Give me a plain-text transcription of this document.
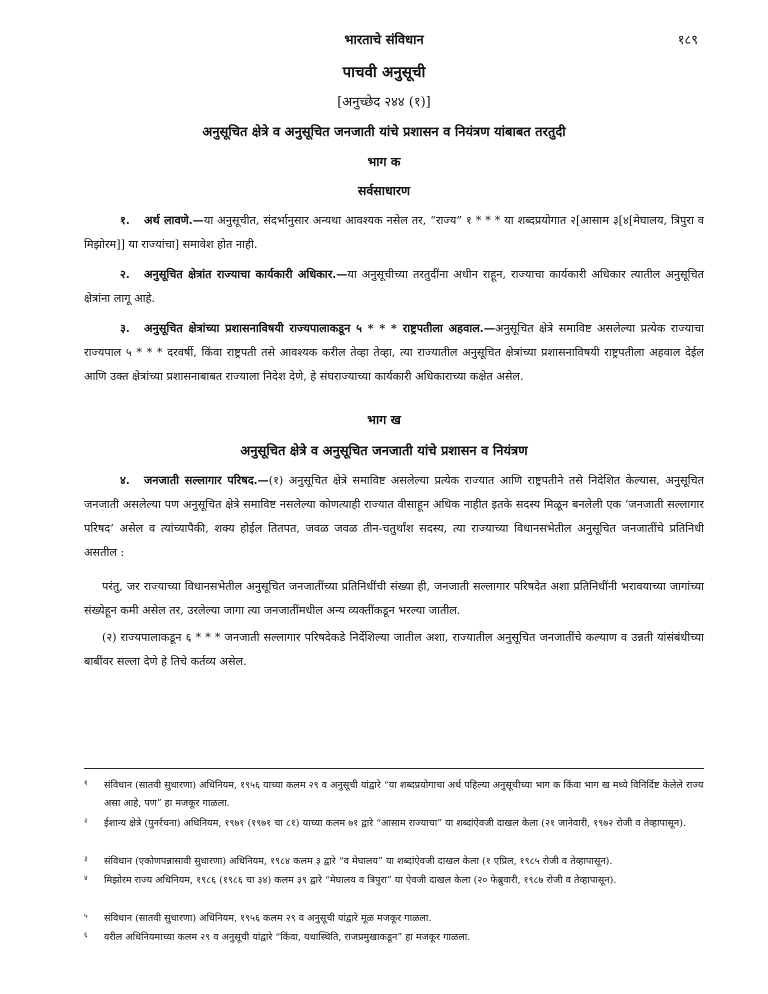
भारताचे संविधान	१८९
पाचवी अनुसूची
[अनुच्छेद २४४ (१)]
अनुसूचित क्षेत्रे व अनुसूचित जनजाती यांचे प्रशासन व नियंत्रण यांबाबत तरतुदी
भाग क
सर्वसाधारण

१. अर्थ लावणे.—या अनुसूचीत, संदर्भानुसार अन्यथा आवश्यक नसेल तर, “राज्य” १ * * * या शब्दप्रयोगात २[आसाम ३[४[मेघालय, त्रिपुरा व मिझोरम]] या राज्यांचा] समावेश होत नाही.

२. अनुसूचित क्षेत्रांत राज्याचा कार्यकारी अधिकार.—या अनुसूचीच्या तरतुदींना अधीन राहून, राज्याचा कार्यकारी अधिकार त्यातील अनुसूचित क्षेत्रांना लागू आहे.

३. अनुसूचित क्षेत्रांच्या प्रशासनाविषयी राज्यपालाकडून ५ * * * राष्ट्रपतीला अहवाल.—अनुसूचित क्षेत्रे समाविष्ट असलेल्या प्रत्येक राज्याचा राज्यपाल ५ * * * दरवर्षी, किंवा राष्ट्रपती तसे आवश्यक करील तेव्हा तेव्हा, त्या राज्यातील अनुसूचित क्षेत्रांच्या प्रशासनाविषयी राष्ट्रपतीला अहवाल देईल आणि उक्त क्षेत्रांच्या प्रशासनाबाबत राज्याला निदेश देणे, हे संघराज्याच्या कार्यकारी अधिकाराच्या कक्षेत असेल.

भाग ख
अनुसूचित क्षेत्रे व अनुसूचित जनजाती यांचे प्रशासन व नियंत्रण

४. जनजाती सल्लागार परिषद.—(१) अनुसूचित क्षेत्रे समाविष्ट असलेल्या प्रत्येक राज्यात आणि राष्ट्रपतीने तसे निदेशित केल्यास, अनुसूचित जनजाती असलेल्या पण अनुसूचित क्षेत्रे समाविष्ट नसलेल्या कोणत्याही राज्यात वीसाहून अधिक नाहीत इतके सदस्य मिळून बनलेली एक ‘जनजाती सल्लागार परिषद’ असेल व त्यांच्यापैकी, शक्य होईल तितपत, जवळ जवळ तीन-चतुर्थांश सदस्य, त्या राज्याच्या विधानसभेतील अनुसूचित जनजातींचे प्रतिनिधी असतील :

परंतु, जर राज्याच्या विधानसभेतील अनुसूचित जनजातींच्या प्रतिनिधींची संख्या ही, जनजाती सल्लागार परिषदेत अशा प्रतिनिधींनी भरावयाच्या जागांच्या संख्येहून कमी असेल तर, उरलेल्या जागा त्या जनजातींमधील अन्य व्यक्तींकडून भरल्या जातील.

(२) राज्यपालाकडून ६ * * * जनजाती सल्लागार परिषदेकडे निर्देशिल्या जातील अशा, राज्यातील अनुसूचित जनजातींचे कल्याण व उन्नती यांसंबंधीच्या बाबींवर सल्ला देणे हे तिचे कर्तव्य असेल.

१	संविधान (सातवी सुधारणा) अधिनियम, १९५६ याच्या कलम २९ व अनुसूची यांद्वारे “या शब्दप्रयोगाचा अर्थ पहिल्या अनुसूचीच्या भाग क किंवा भाग ख मध्ये विनिर्दिष्ट केलेले राज्य असा आहे, पण” हा मजकूर गाळला.

२	ईशान्य क्षेत्रे (पुनर्रचना) अधिनियम, १९७१ (१९७१ चा ८१) याच्या कलम ७१ द्वारे “आसाम राज्याचा” या शब्दांऐवजी दाखल केला (२१ जानेवारी, १९७२ रोजी व तेव्हापासून).

३	संविधान (एकोणपन्नासावी सुधारणा) अधिनियम, १९८४ कलम ३ द्वारे “व मेघालय” या शब्दांऐवजी दाखल केला (१ एप्रिल, १९८५ रोजी व तेव्हापासून).

४	मिझोरम राज्य अधिनियम, १९८६ (१९८६ चा ३४) कलम ३९ द्वारे “मेघालय व त्रिपुरा” या ऐवजी दाखल केला (२० फेब्रुवारी, १९८७ रोजी व तेव्हापासून).

५	संविधान (सातवी सुधारणा) अधिनियम, १९५६ कलम २९ व अनुसूची यांद्वारे मूळ मजकूर गाळला.

६	वरील अधिनियमाच्या कलम २९ व अनुसूची यांद्वारे “किंवा, यथास्थिति, राजप्रमुखाकडून” हा मजकूर गाळला.
